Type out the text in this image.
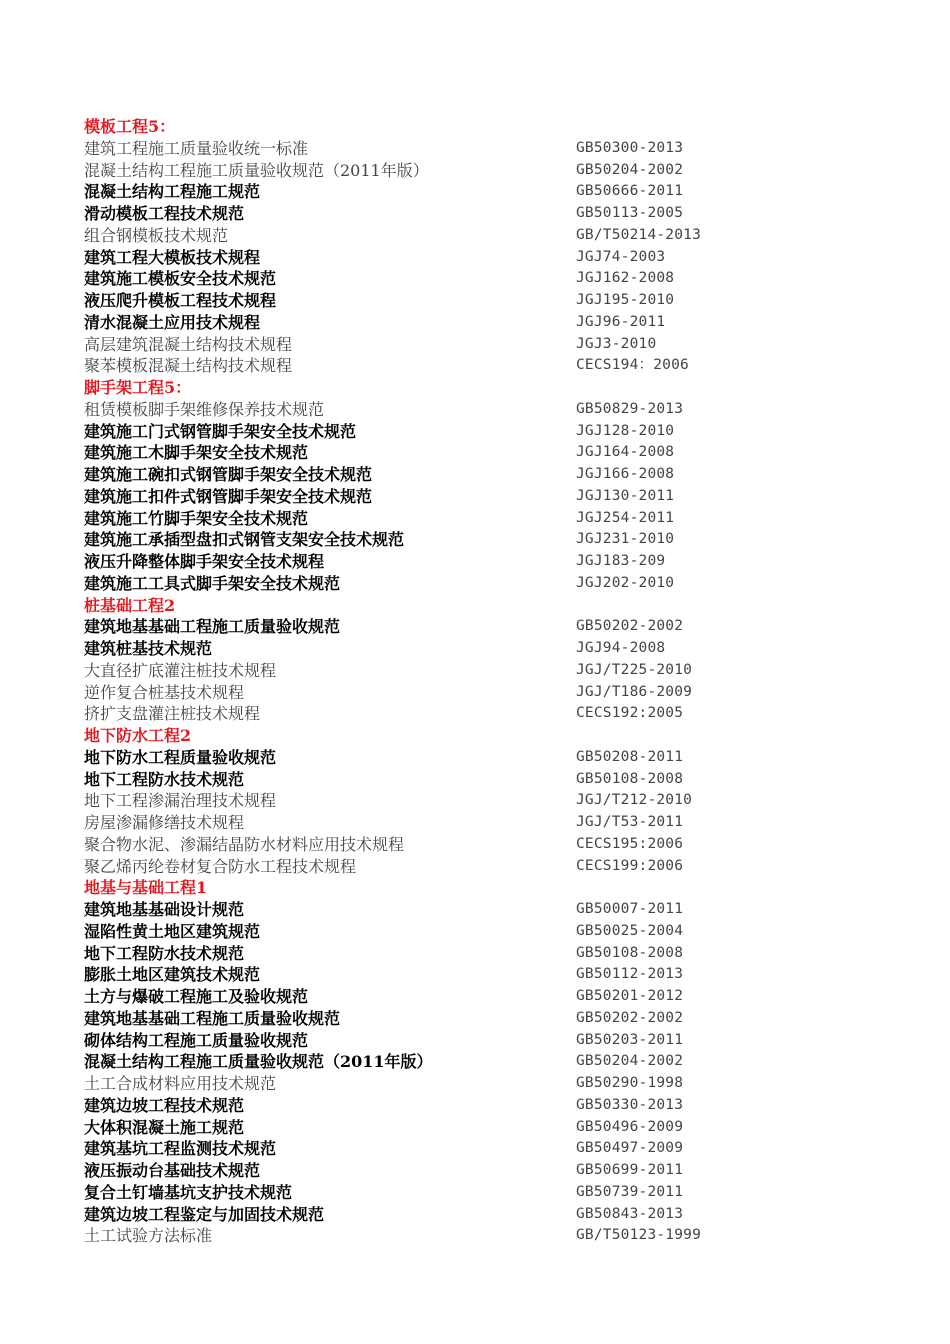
模板工程5：
建筑工程施工质量验收统一标准	GB50300-2013
混凝土结构工程施工质量验收规范（2011年版）	GB50204-2002
混凝土结构工程施工规范	GB50666-2011
滑动模板工程技术规范	GB50113-2005
组合钢模板技术规范	GB/T50214-2013
建筑工程大模板技术规程	JGJ74-2003
建筑施工模板安全技术规范	JGJ162-2008
液压爬升模板工程技术规程	JGJ195-2010
清水混凝土应用技术规程	JGJ96-2011
高层建筑混凝土结构技术规程	JGJ3-2010
聚苯模板混凝土结构技术规程	CECS194：2006
脚手架工程5：
租赁模板脚手架维修保养技术规范	GB50829-2013
建筑施工门式钢管脚手架安全技术规范	JGJ128-2010
建筑施工木脚手架安全技术规范	JGJ164-2008
建筑施工碗扣式钢管脚手架安全技术规范	JGJ166-2008
建筑施工扣件式钢管脚手架安全技术规范	JGJ130-2011
建筑施工竹脚手架安全技术规范	JGJ254-2011
建筑施工承插型盘扣式钢管支架安全技术规范	JGJ231-2010
液压升降整体脚手架安全技术规程	JGJ183-209
建筑施工工具式脚手架安全技术规范	JGJ202-2010
桩基础工程2
建筑地基基础工程施工质量验收规范	GB50202-2002
建筑桩基技术规范	JGJ94-2008
大直径扩底灌注桩技术规程	JGJ/T225-2010
逆作复合桩基技术规程	JGJ/T186-2009
挤扩支盘灌注桩技术规程	CECS192:2005
地下防水工程2
地下防水工程质量验收规范	GB50208-2011
地下工程防水技术规范	GB50108-2008
地下工程渗漏治理技术规程	JGJ/T212-2010
房屋渗漏修缮技术规程	JGJ/T53-2011
聚合物水泥、渗漏结晶防水材料应用技术规程	CECS195:2006
聚乙烯丙纶卷材复合防水工程技术规程	CECS199:2006
地基与基础工程1
建筑地基基础设计规范	GB50007-2011
湿陷性黄土地区建筑规范	GB50025-2004
地下工程防水技术规范	GB50108-2008
膨胀土地区建筑技术规范	GB50112-2013
土方与爆破工程施工及验收规范	GB50201-2012
建筑地基基础工程施工质量验收规范	GB50202-2002
砌体结构工程施工质量验收规范	GB50203-2011
混凝土结构工程施工质量验收规范（2011年版）	GB50204-2002
土工合成材料应用技术规范	GB50290-1998
建筑边坡工程技术规范	GB50330-2013
大体积混凝土施工规范	GB50496-2009
建筑基坑工程监测技术规范	GB50497-2009
液压振动台基础技术规范	GB50699-2011
复合土钉墙基坑支护技术规范	GB50739-2011
建筑边坡工程鉴定与加固技术规范	GB50843-2013
土工试验方法标准	GB/T50123-1999
